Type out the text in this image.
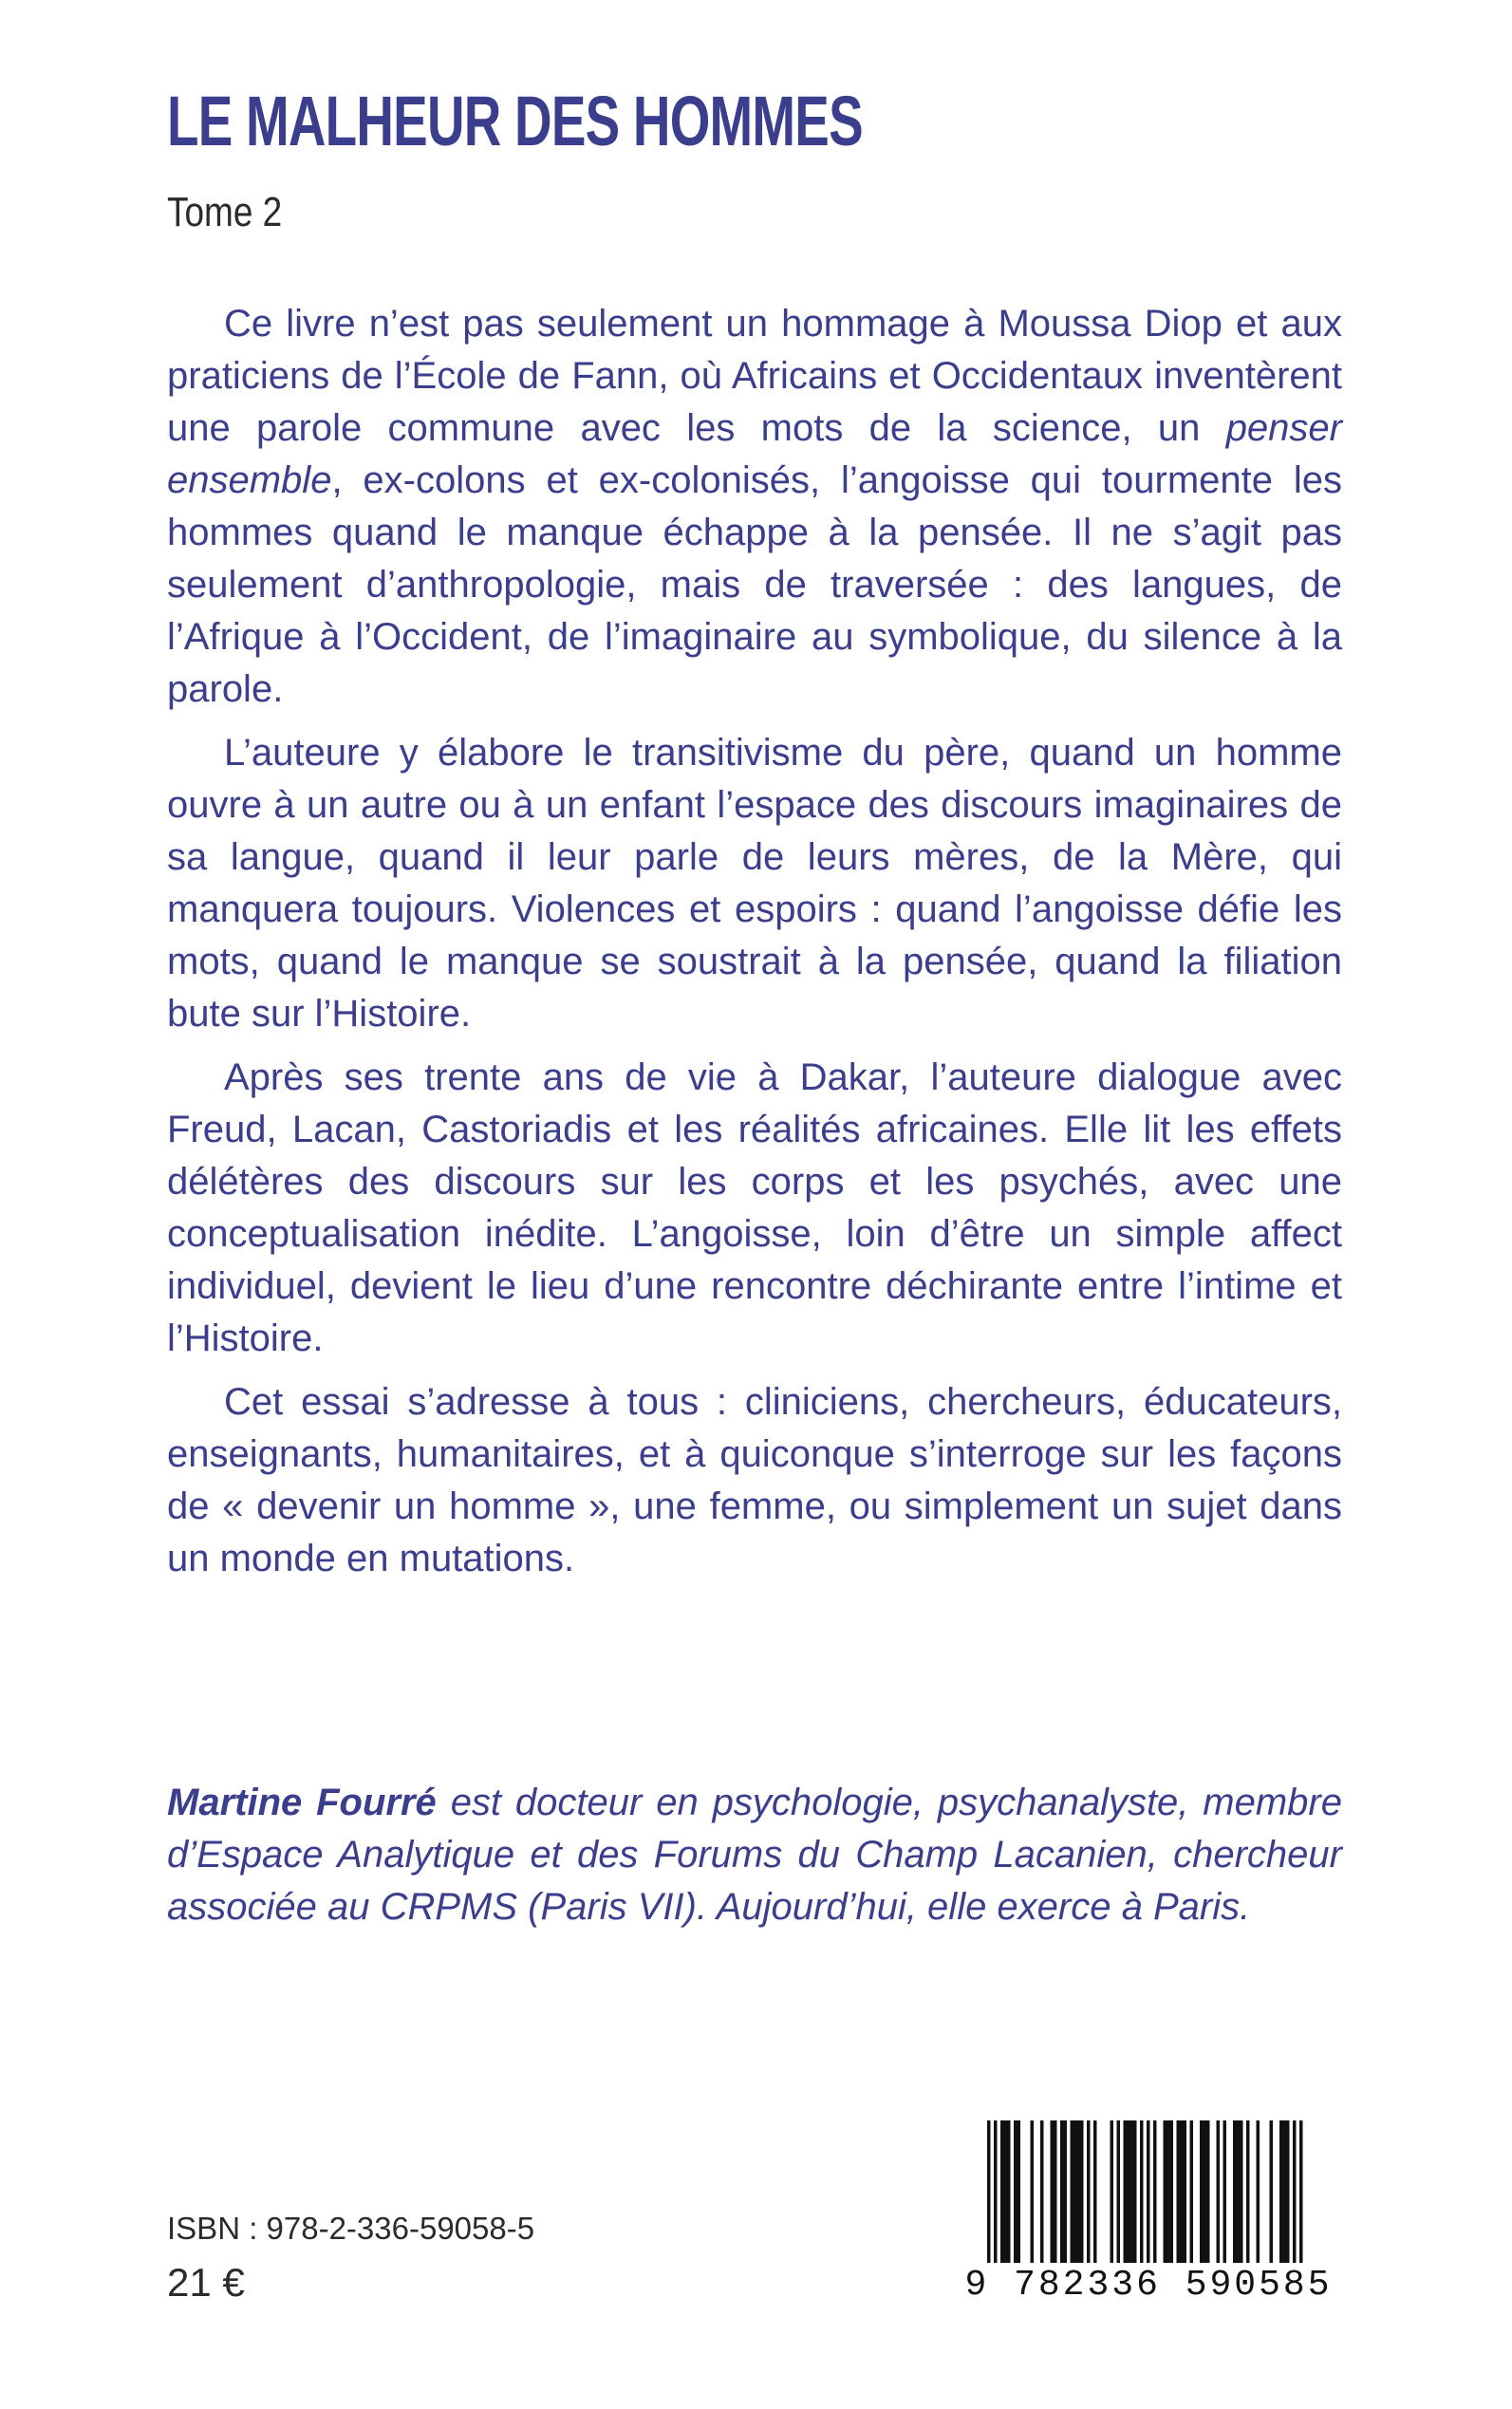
LE MALHEUR DES HOMMES
Tome 2

Ce livre n’est pas seulement un hommage à Moussa Diop et aux praticiens de l’École de Fann, où Africains et Occidentaux inventèrent une parole commune avec les mots de la science, un penser ensemble, ex-colons et ex-colonisés, l’angoisse qui tourmente les hommes quand le manque échappe à la pensée. Il ne s’agit pas seulement d’anthropologie, mais de traversée : des langues, de l’Afrique à l’Occident, de l’imaginaire au symbolique, du silence à la parole.

L’auteure y élabore le transitivisme du père, quand un homme ouvre à un autre ou à un enfant l’espace des discours imaginaires de sa langue, quand il leur parle de leurs mères, de la Mère, qui manquera toujours. Violences et espoirs : quand l’angoisse défie les mots, quand le manque se soustrait à la pensée, quand la filiation bute sur l’Histoire.

Après ses trente ans de vie à Dakar, l’auteure dialogue avec Freud, Lacan, Castoriadis et les réalités africaines. Elle lit les effets délétères des discours sur les corps et les psychés, avec une conceptualisation inédite. L’angoisse, loin d’être un simple affect individuel, devient le lieu d’une rencontre déchirante entre l’intime et l’Histoire.

Cet essai s’adresse à tous : cliniciens, chercheurs, éducateurs, enseignants, humanitaires, et à quiconque s’interroge sur les façons de « devenir un homme », une femme, ou simplement un sujet dans un monde en mutations.

Martine Fourré est docteur en psychologie, psychanalyste, membre d’Espace Analytique et des Forums du Champ Lacanien, chercheur associée au CRPMS (Paris VII). Aujourd’hui, elle exerce à Paris.
ISBN : 978-2-336-59058-5
21 €	9 782336 590585
